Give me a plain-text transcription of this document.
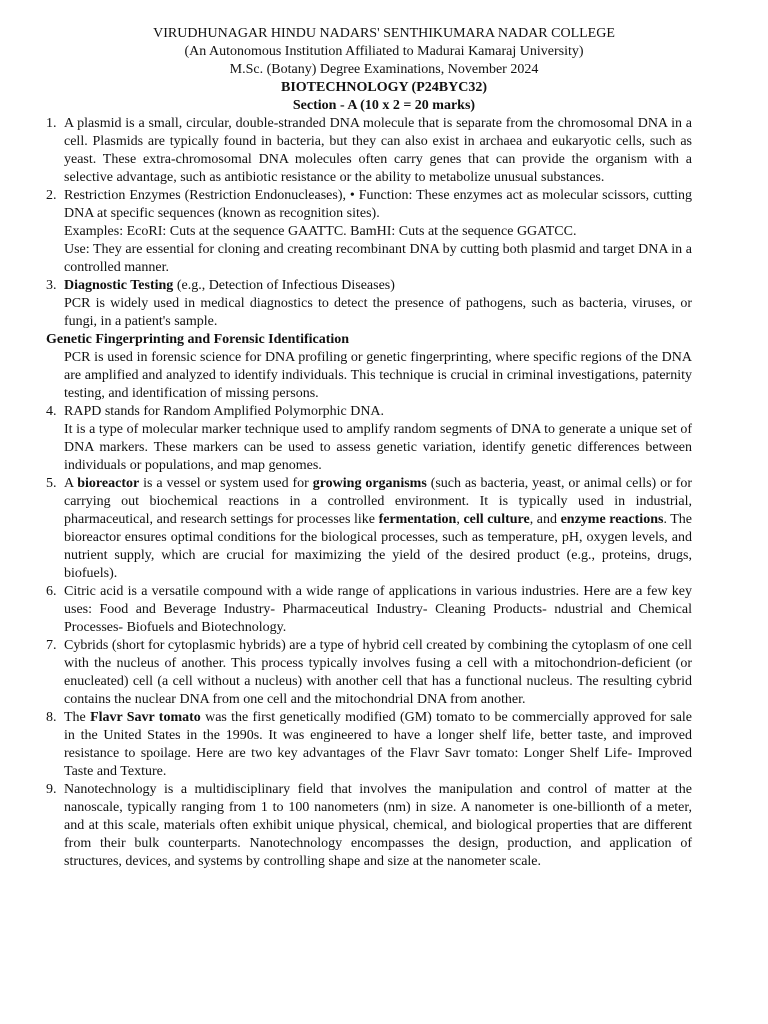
VIRUDHUNAGAR HINDU NADARS' SENTHIKUMARA NADAR COLLEGE
(An Autonomous Institution Affiliated to Madurai Kamaraj University)
M.Sc. (Botany) Degree Examinations, November 2024
BIOTECHNOLOGY (P24BYC32)
Section - A (10 x 2 = 20 marks)
1. A plasmid is a small, circular, double-stranded DNA molecule that is separate from the chromosomal DNA in a cell. Plasmids are typically found in bacteria, but they can also exist in archaea and eukaryotic cells, such as yeast. These extra-chromosomal DNA molecules often carry genes that can provide the organism with a selective advantage, such as antibiotic resistance or the ability to metabolize unusual substances.

2. Restriction Enzymes (Restriction Endonucleases), • Function: These enzymes act as molecular scissors, cutting DNA at specific sequences (known as recognition sites).

Examples: EcoRI: Cuts at the sequence GAATTC. BamHI: Cuts at the sequence GGATCC.

Use: They are essential for cloning and creating recombinant DNA by cutting both plasmid and target DNA in a controlled manner.

3. Diagnostic Testing (e.g., Detection of Infectious Diseases)

PCR is widely used in medical diagnostics to detect the presence of pathogens, such as bacteria, viruses, or fungi, in a patient's sample.

Genetic Fingerprinting and Forensic Identification

PCR is used in forensic science for DNA profiling or genetic fingerprinting, where specific regions of the DNA are amplified and analyzed to identify individuals. This technique is crucial in criminal investigations, paternity testing, and identification of missing persons.

4. RAPD stands for Random Amplified Polymorphic DNA.

It is a type of molecular marker technique used to amplify random segments of DNA to generate a unique set of DNA markers. These markers can be used to assess genetic variation, identify genetic differences between individuals or populations, and map genomes.

5. A bioreactor is a vessel or system used for growing organisms (such as bacteria, yeast, or animal cells) or for carrying out biochemical reactions in a controlled environment. It is typically used in industrial, pharmaceutical, and research settings for processes like fermentation, cell culture, and enzyme reactions. The bioreactor ensures optimal conditions for the biological processes, such as temperature, pH, oxygen levels, and nutrient supply, which are crucial for maximizing the yield of the desired product (e.g., proteins, drugs, biofuels).

6. Citric acid is a versatile compound with a wide range of applications in various industries. Here are a few key uses: Food and Beverage Industry- Pharmaceutical Industry- Cleaning Products- ndustrial and Chemical Processes- Biofuels and Biotechnology.

7. Cybrids (short for cytoplasmic hybrids) are a type of hybrid cell created by combining the cytoplasm of one cell with the nucleus of another. This process typically involves fusing a cell with a mitochondrion-deficient (or enucleated) cell (a cell without a nucleus) with another cell that has a functional nucleus. The resulting cybrid contains the nuclear DNA from one cell and the mitochondrial DNA from another.

8. The Flavr Savr tomato was the first genetically modified (GM) tomato to be commercially approved for sale in the United States in the 1990s. It was engineered to have a longer shelf life, better taste, and improved resistance to spoilage. Here are two key advantages of the Flavr Savr tomato: Longer Shelf Life- Improved Taste and Texture.

9. Nanotechnology is a multidisciplinary field that involves the manipulation and control of matter at the nanoscale, typically ranging from 1 to 100 nanometers (nm) in size. A nanometer is one-billionth of a meter, and at this scale, materials often exhibit unique physical, chemical, and biological properties that are different from their bulk counterparts. Nanotechnology encompasses the design, production, and application of structures, devices, and systems by controlling shape and size at the nanometer scale.
